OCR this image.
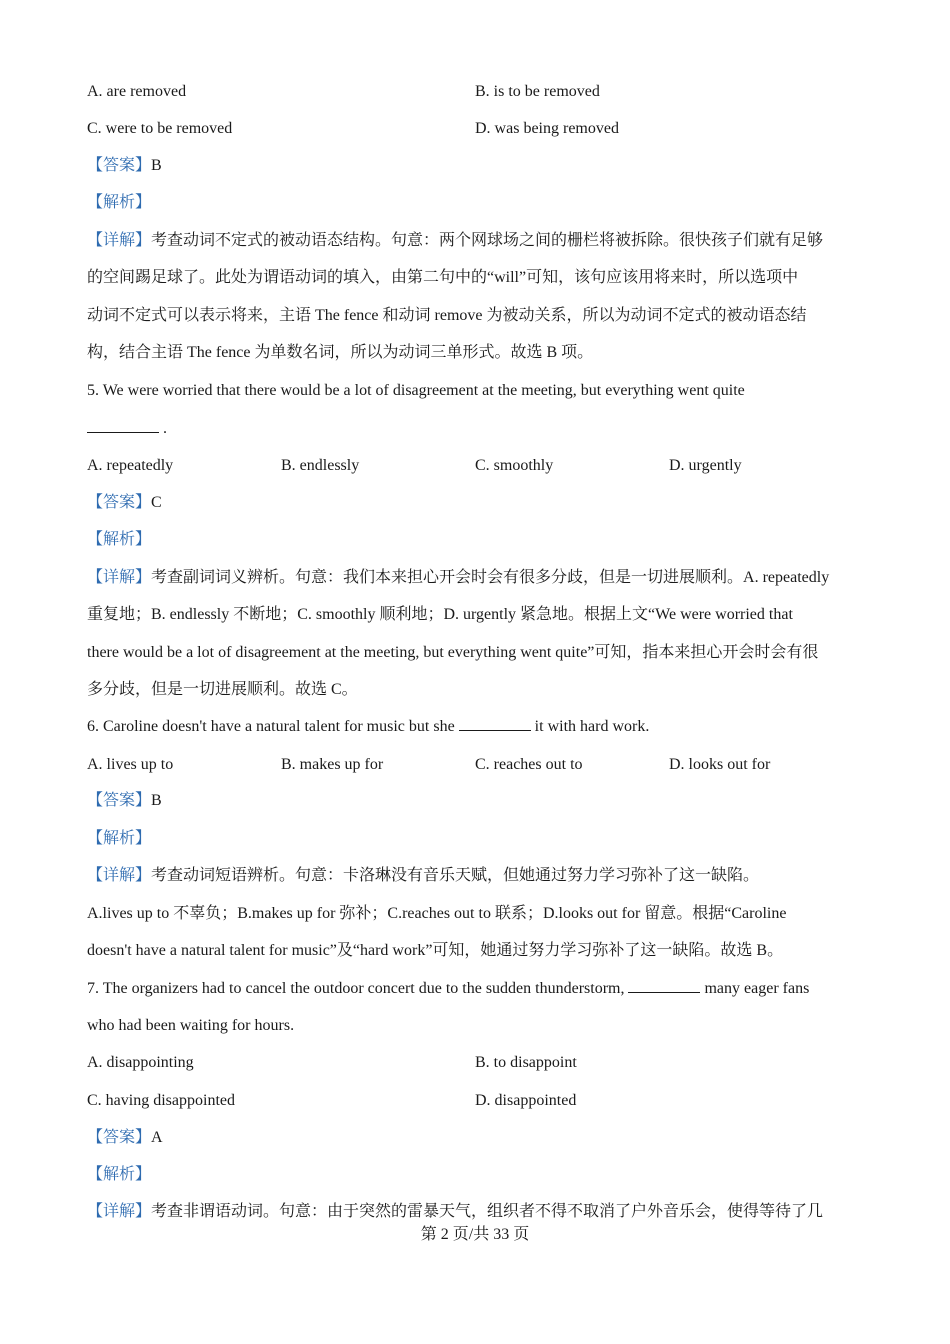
A. are removed	B. is to be removed
C. were to be removed	D. was being removed
【答案】B
【解析】
【详解】考查动词不定式的被动语态结构。句意：两个网球场之间的栅栏将被拆除。很快孩子们就有足够
的空间踢足球了。此处为谓语动词的填入，由第二句中的“will”可知，该句应该用将来时，所以选项中
动词不定式可以表示将来，主语 The fence 和动词 remove 为被动关系，所以为动词不定式的被动语态结
构，结合主语 The fence 为单数名词，所以为动词三单形式。故选 B 项。
5. We were worried that there would be a lot of disagreement at the meeting, but everything went quite
.
A. repeatedly	B. endlessly	C. smoothly	D. urgently
【答案】C
【解析】
【详解】考查副词词义辨析。句意：我们本来担心开会时会有很多分歧，但是一切进展顺利。A. repeatedly
重复地；B. endlessly 不断地；C. smoothly 顺利地；D. urgently 紧急地。根据上文“We were worried that
there would be a lot of disagreement at the meeting, but everything went quite”可知，指本来担心开会时会有很
多分歧，但是一切进展顺利。故选 C。
6. Caroline doesn't have a natural talent for music but she	it with hard work.
A. lives up to	B. makes up for	C. reaches out to	D. looks out for
【答案】B
【解析】
【详解】考查动词短语辨析。句意：卡洛琳没有音乐天赋，但她通过努力学习弥补了这一缺陷。
A.lives up to 不辜负；B.makes up for 弥补；C.reaches out to 联系；D.looks out for 留意。根据“Caroline
doesn't have a natural talent for music”及“hard work”可知，她通过努力学习弥补了这一缺陷。故选 B。
7. The organizers had to cancel the outdoor concert due to the sudden thunderstorm,	many eager fans
who had been waiting for hours.
A. disappointing	B. to disappoint
C. having disappointed	D. disappointed
【答案】A
【解析】
【详解】考查非谓语动词。句意：由于突然的雷暴天气，组织者不得不取消了户外音乐会，使得等待了几
第 2 页/共 33 页
